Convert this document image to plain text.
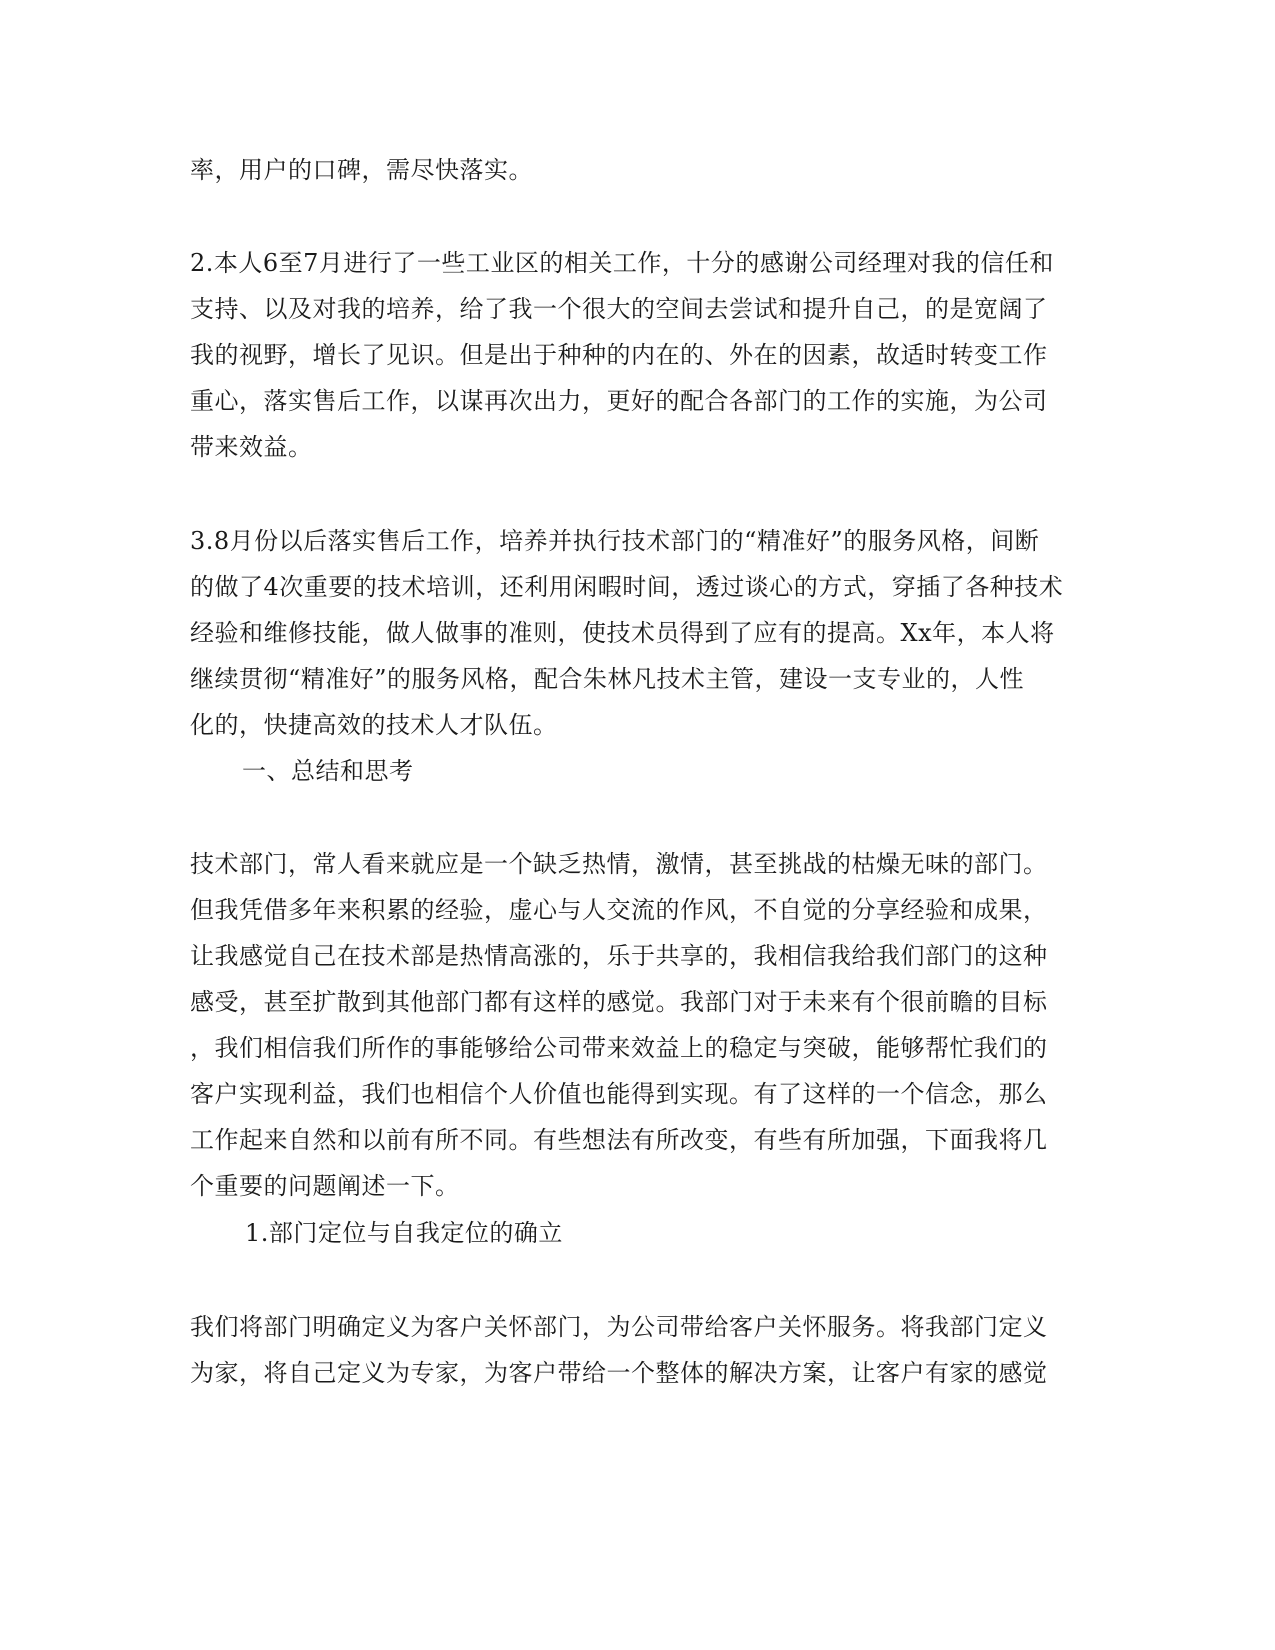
率，用户的口碑，需尽快落实。

2.本人6至7月进行了一些工业区的相关工作，十分的感谢公司经理对我的信任和

支持、以及对我的培养，给了我一个很大的空间去尝试和提升自己，的是宽阔了

我的视野，增长了见识。但是出于种种的内在的、外在的因素，故适时转变工作

重心，落实售后工作，以谋再次出力，更好的配合各部门的工作的实施，为公司

带来效益。

3.8月份以后落实售后工作，培养并执行技术部门的“精准好”的服务风格，间断

的做了4次重要的技术培训，还利用闲暇时间，透过谈心的方式，穿插了各种技术

经验和维修技能，做人做事的准则，使技术员得到了应有的提高。Xx年，本人将

继续贯彻“精准好”的服务风格，配合朱林凡技术主管，建设一支专业的，人性

化的，快捷高效的技术人才队伍。

一、总结和思考

技术部门，常人看来就应是一个缺乏热情，激情，甚至挑战的枯燥无味的部门。

但我凭借多年来积累的经验，虚心与人交流的作风，不自觉的分享经验和成果，

让我感觉自己在技术部是热情高涨的，乐于共享的，我相信我给我们部门的这种

感受，甚至扩散到其他部门都有这样的感觉。我部门对于未来有个很前瞻的目标

，我们相信我们所作的事能够给公司带来效益上的稳定与突破，能够帮忙我们的

客户实现利益，我们也相信个人价值也能得到实现。有了这样的一个信念，那么

工作起来自然和以前有所不同。有些想法有所改变，有些有所加强，下面我将几

个重要的问题阐述一下。

1.部门定位与自我定位的确立

我们将部门明确定义为客户关怀部门，为公司带给客户关怀服务。将我部门定义

为家，将自己定义为专家，为客户带给一个整体的解决方案，让客户有家的感觉
